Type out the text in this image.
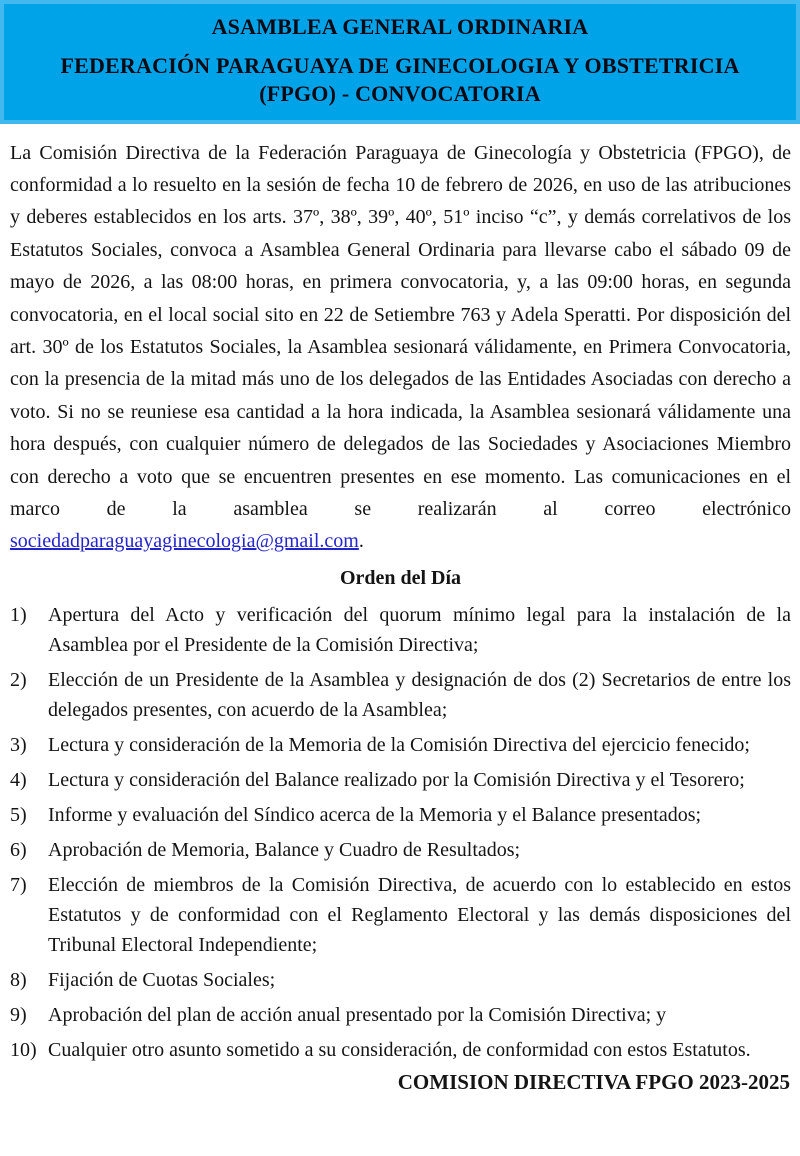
ASAMBLEA GENERAL ORDINARIA
FEDERACIÓN PARAGUAYA DE GINECOLOGIA Y OBSTETRICIA
(FPGO) - CONVOCATORIA

La Comisión Directiva de la Federación Paraguaya de Ginecología y Obstetricia (FPGO), de conformidad a lo resuelto en la sesión de fecha 10 de febrero de 2026, en uso de las atribuciones y deberes establecidos en los arts. 37º, 38º, 39º, 40º, 51º inciso “c”, y demás correlativos de los Estatutos Sociales, convoca a Asamblea General Ordinaria para llevarse cabo el sábado 09 de mayo de 2026, a las 08:00 horas, en primera convocatoria, y, a las 09:00 horas, en segunda convocatoria, en el local social sito en 22 de Setiembre 763 y Adela Speratti. Por disposición del art. 30º de los Estatutos Sociales, la Asamblea sesionará válidamente, en Primera Convocatoria, con la presencia de la mitad más uno de los delegados de las Entidades Asociadas con derecho a voto. Si no se reuniese esa cantidad a la hora indicada, la Asamblea sesionará válidamente una hora después, con cualquier número de delegados de las Sociedades y Asociaciones Miembro con derecho a voto que se encuentren presentes en ese momento. Las comunicaciones en el marco de la asamblea se realizarán al correo electrónico sociedadparaguayaginecologia@gmail.com.

Orden del Día
1)	Apertura del Acto y verificación del quorum mínimo legal para la instalación de la Asamblea por el Presidente de la Comisión Directiva;
2)	Elección de un Presidente de la Asamblea y designación de dos (2) Secretarios de entre los delegados presentes, con acuerdo de la Asamblea;
3)	Lectura y consideración de la Memoria de la Comisión Directiva del ejercicio fenecido;
4)	Lectura y consideración del Balance realizado por la Comisión Directiva y el Tesorero;
5)	Informe y evaluación del Síndico acerca de la Memoria y el Balance presentados;
6)	Aprobación de Memoria, Balance y Cuadro de Resultados;
7)	Elección de miembros de la Comisión Directiva, de acuerdo con lo establecido en estos Estatutos y de conformidad con el Reglamento Electoral y las demás disposiciones del Tribunal Electoral Independiente;
8)	Fijación de Cuotas Sociales;
9)	Aprobación del plan de acción anual presentado por la Comisión Directiva; y
10) Cualquier otro asunto sometido a su consideración, de conformidad con estos Estatutos.
COMISION DIRECTIVA FPGO 2023-2025
